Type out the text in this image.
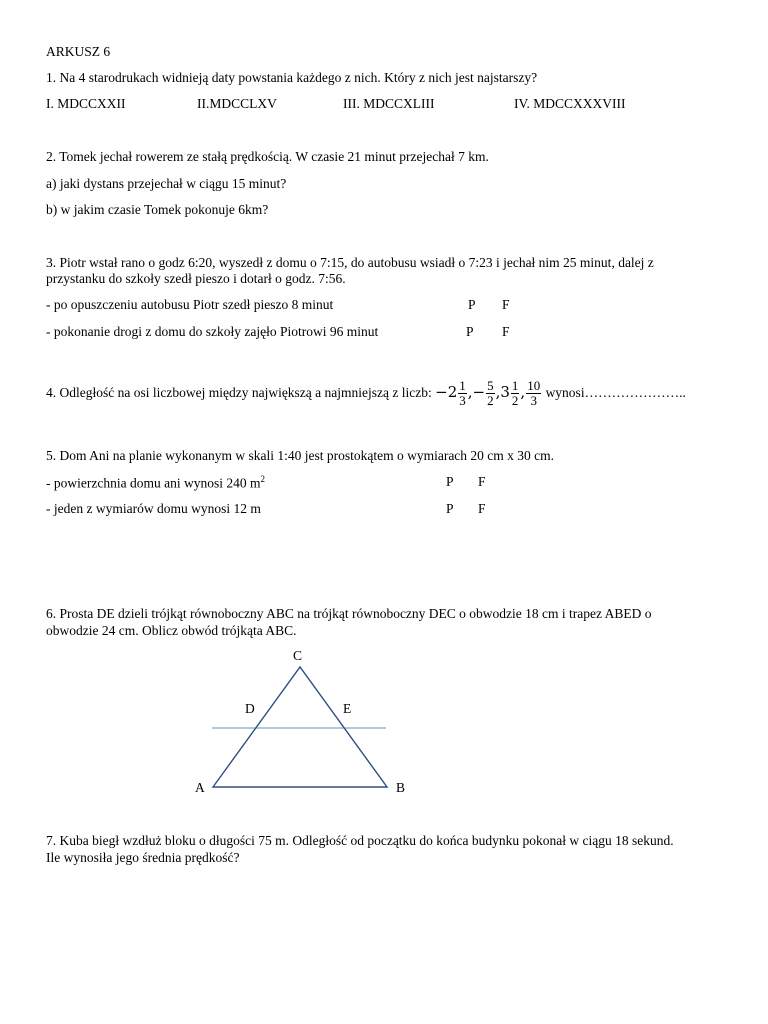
ARKUSZ 6
1. Na 4 starodrukach widnieją daty powstania każdego z nich. Który z nich jest najstarszy?
I. MDCCXXII	II.MDCCLXV	III. MDCCXLIII	IV. MDCCXXXVIII
2. Tomek jechał rowerem ze stałą prędkością. W czasie 21 minut przejechał 7 km.
a) jaki dystans przejechał w ciągu 15 minut?
b) w jakim czasie Tomek pokonuje 6km?
3. Piotr wstał rano o godz 6:20, wyszedł z domu o 7:15, do autobusu wsiadł o 7:23 i jechał nim 25 minut, dalej z
przystanku do szkoły szedł pieszo i dotarł o godz. 7:56.
- po opuszczeniu autobusu Piotr szedł pieszo 8 minut	P F
- pokonanie drogi z domu do szkoły zajęło Piotrowi 96 minut	P F
4. Odległość na osi liczbowej między największą a najmniejszą z liczb: $-2 \frac{1}{3}$ ,− $\frac{5}{2} ,3 \frac{1}{2}$ , $\frac{10}{3}$ wynosi…………………..
5. Dom Ani na planie wykonanym w skali 1:40 jest prostokątem o wymiarach 20 cm x 30 cm.
- powierzchnia domu ani wynosi 240 $m^2$	P F
- jeden z wymiarów domu wynosi 12 m	P F
6. Prosta DE dzieli trójkąt równoboczny ABC na trójkąt równoboczny DEC o obwodzie 18 cm i trapez ABED o
obwodzie 24 cm. Oblicz obwód trójkąta ABC.
C
D	E
A	B
7. Kuba biegł wzdłuż bloku o długości 75 m. Odległość od początku do końca budynku pokonał w ciągu 18 sekund.
Ile wynosiła jego średnia prędkość?
